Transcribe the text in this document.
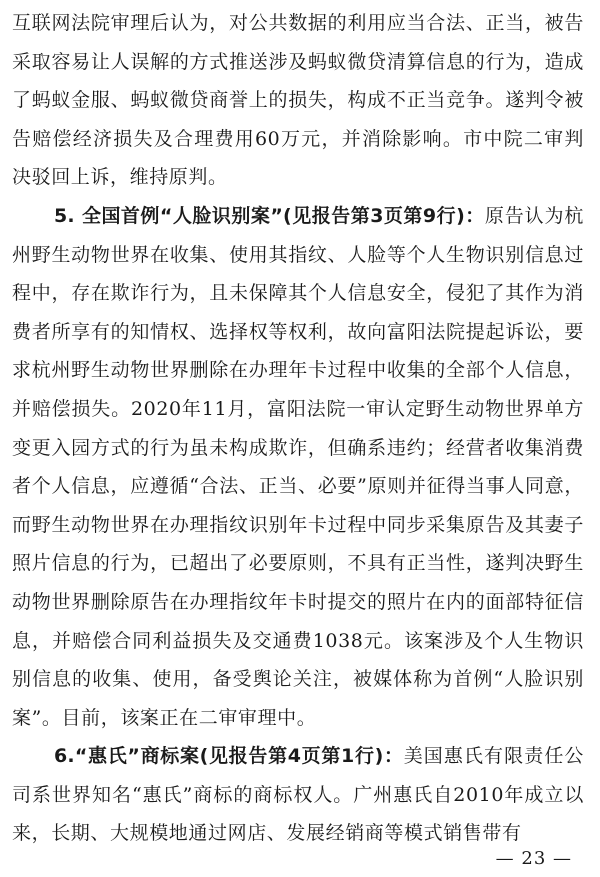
互联网法院审理后认为，对公共数据的利用应当合法、正当，被告采取容易让人误解的方式推送涉及蚂蚁微贷清算信息的行为，造成了蚂蚁金服、蚂蚁微贷商誉上的损失，构成不正当竞争。遂判令被告赔偿经济损失及合理费用60万元，并消除影响。市中院二审判决驳回上诉，维持原判。

5. 全国首例“人脸识别案”(见报告第3页第9行)：原告认为杭州野生动物世界在收集、使用其指纹、人脸等个人生物识别信息过程中，存在欺诈行为，且未保障其个人信息安全，侵犯了其作为消费者所享有的知情权、选择权等权利，故向富阳法院提起诉讼，要求杭州野生动物世界删除在办理年卡过程中收集的全部个人信息，并赔偿损失。2020年11月，富阳法院一审认定野生动物世界单方变更入园方式的行为虽未构成欺诈，但确系违约；经营者收集消费者个人信息，应遵循“合法、正当、必要”原则并征得当事人同意，而野生动物世界在办理指纹识别年卡过程中同步采集原告及其妻子照片信息的行为，已超出了必要原则，不具有正当性，遂判决野生动物世界删除原告在办理指纹年卡时提交的照片在内的面部特征信息，并赔偿合同利益损失及交通费1038元。该案涉及个人生物识别信息的收集、使用，备受舆论关注，被媒体称为首例“人脸识别案”。目前，该案正在二审审理中。

6.“惠氏”商标案(见报告第4页第1行)：美国惠氏有限责任公司系世界知名“惠氏”商标的商标权人。广州惠氏自2010年成立以来，长期、大规模地通过网店、发展经销商等模式销售带有

— 23 —
